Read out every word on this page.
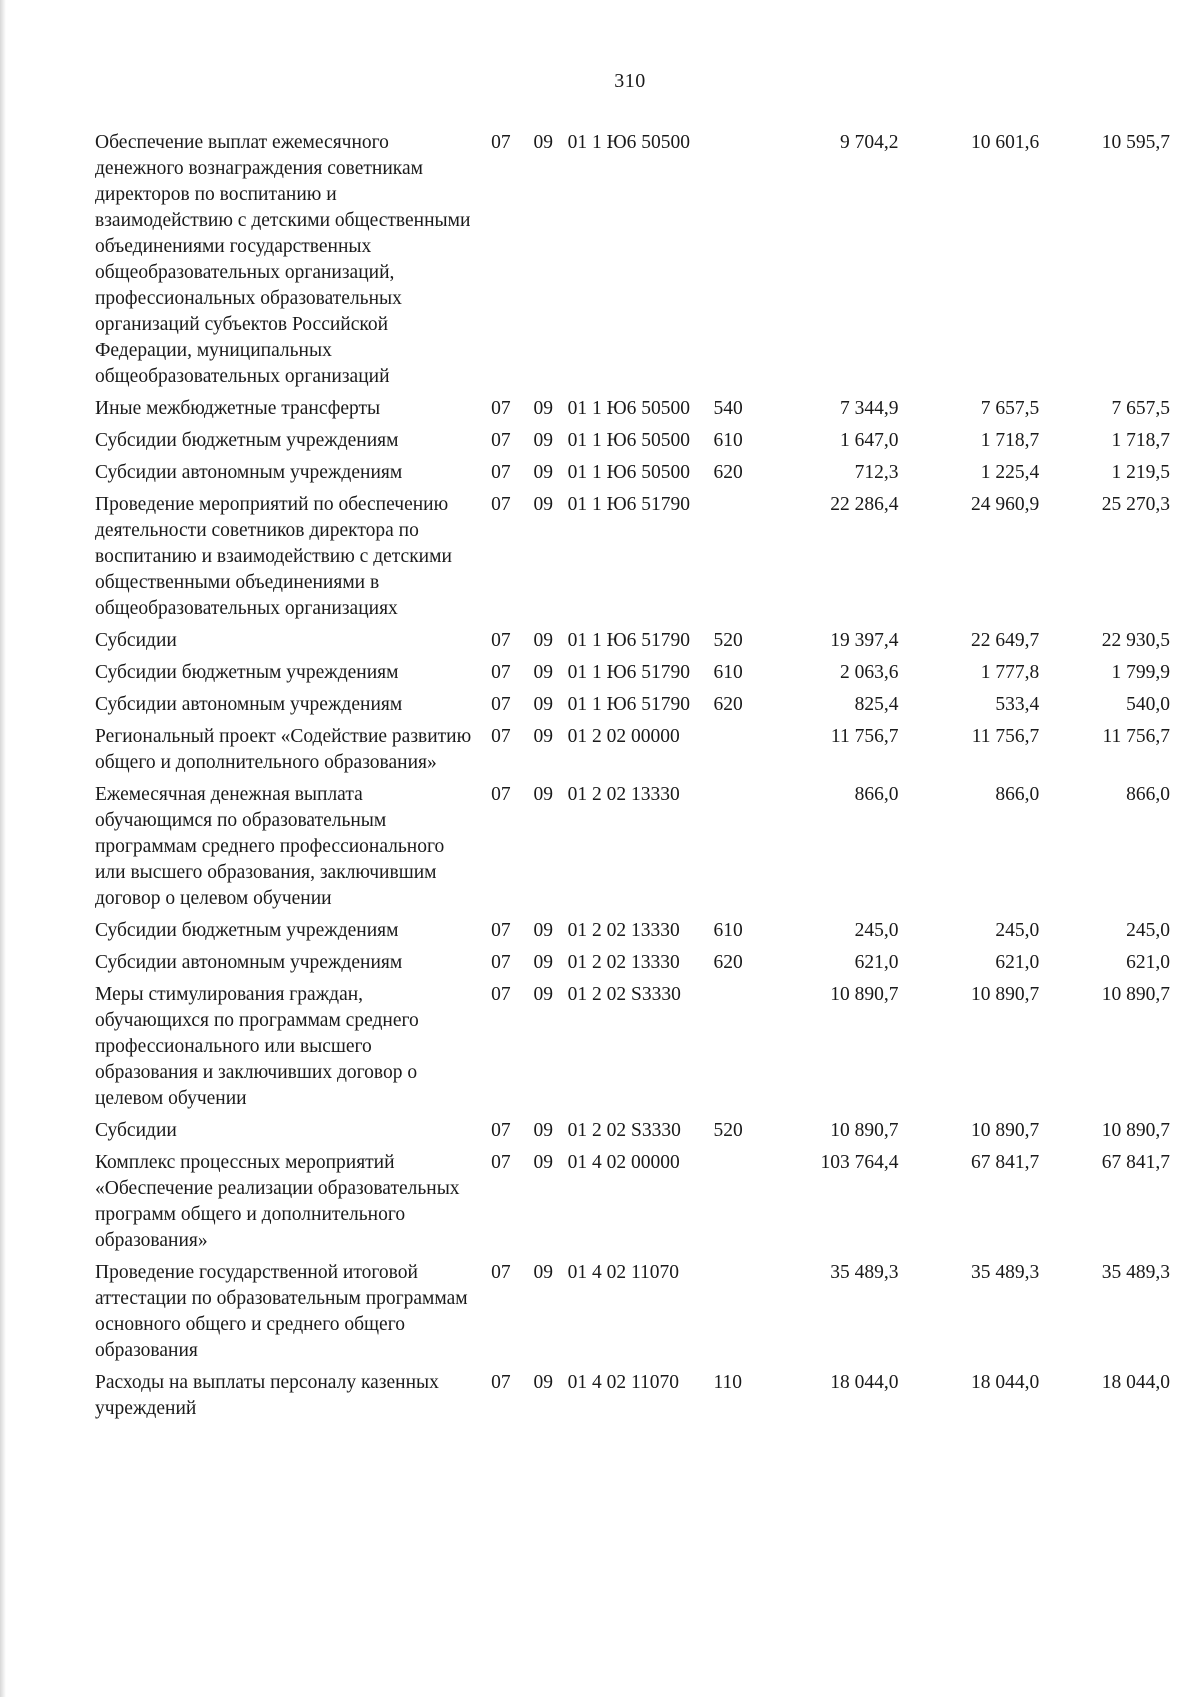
310
Обеспечение выплат ежемесячного денежного вознаграждения советникам директоров по воспитанию и взаимодействию с детскими общественными объединениями государственных общеобразовательных организаций, профессиональных образовательных организаций субъектов Российской Федерации, муниципальных общеобразовательных организаций	07	09	01 1 Ю6 50500		9 704,2	10 601,6	10 595,7
Иные межбюджетные трансферты	07	09	01 1 Ю6 50500	540	7 344,9	7 657,5	7 657,5
Субсидии бюджетным учреждениям	07	09	01 1 Ю6 50500	610	1 647,0	1 718,7	1 718,7
Субсидии автономным учреждениям	07	09	01 1 Ю6 50500	620	712,3	1 225,4	1 219,5
Проведение мероприятий по обеспечению деятельности советников директора по воспитанию и взаимодействию с детскими общественными объединениями в общеобразовательных организациях	07	09	01 1 Ю6 51790		22 286,4	24 960,9	25 270,3
Субсидии	07	09	01 1 Ю6 51790	520	19 397,4	22 649,7	22 930,5
Субсидии бюджетным учреждениям	07	09	01 1 Ю6 51790	610	2 063,6	1 777,8	1 799,9
Субсидии автономным учреждениям	07	09	01 1 Ю6 51790	620	825,4	533,4	540,0
Региональный проект «Содействие развитию общего и дополнительного образования»	07	09	01 2 02 00000		11 756,7	11 756,7	11 756,7
Ежемесячная денежная выплата обучающимся по образовательным программам среднего профессионального или высшего образования, заключившим договор о целевом обучении	07	09	01 2 02 13330		866,0	866,0	866,0
Субсидии бюджетным учреждениям	07	09	01 2 02 13330	610	245,0	245,0	245,0
Субсидии автономным учреждениям	07	09	01 2 02 13330	620	621,0	621,0	621,0
Меры стимулирования граждан, обучающихся по программам среднего профессионального или высшего образования и заключивших договор о целевом обучении	07	09	01 2 02 S3330		10 890,7	10 890,7	10 890,7
Субсидии	07	09	01 2 02 S3330	520	10 890,7	10 890,7	10 890,7
Комплекс процессных мероприятий «Обеспечение реализации образовательных программ общего и дополнительного образования»	07	09	01 4 02 00000		103 764,4	67 841,7	67 841,7
Проведение государственной итоговой аттестации по образовательным программам основного общего и среднего общего образования	07	09	01 4 02 11070		35 489,3	35 489,3	35 489,3
Расходы на выплаты персоналу казенных учреждений	07	09	01 4 02 11070	110	18 044,0	18 044,0	18 044,0
